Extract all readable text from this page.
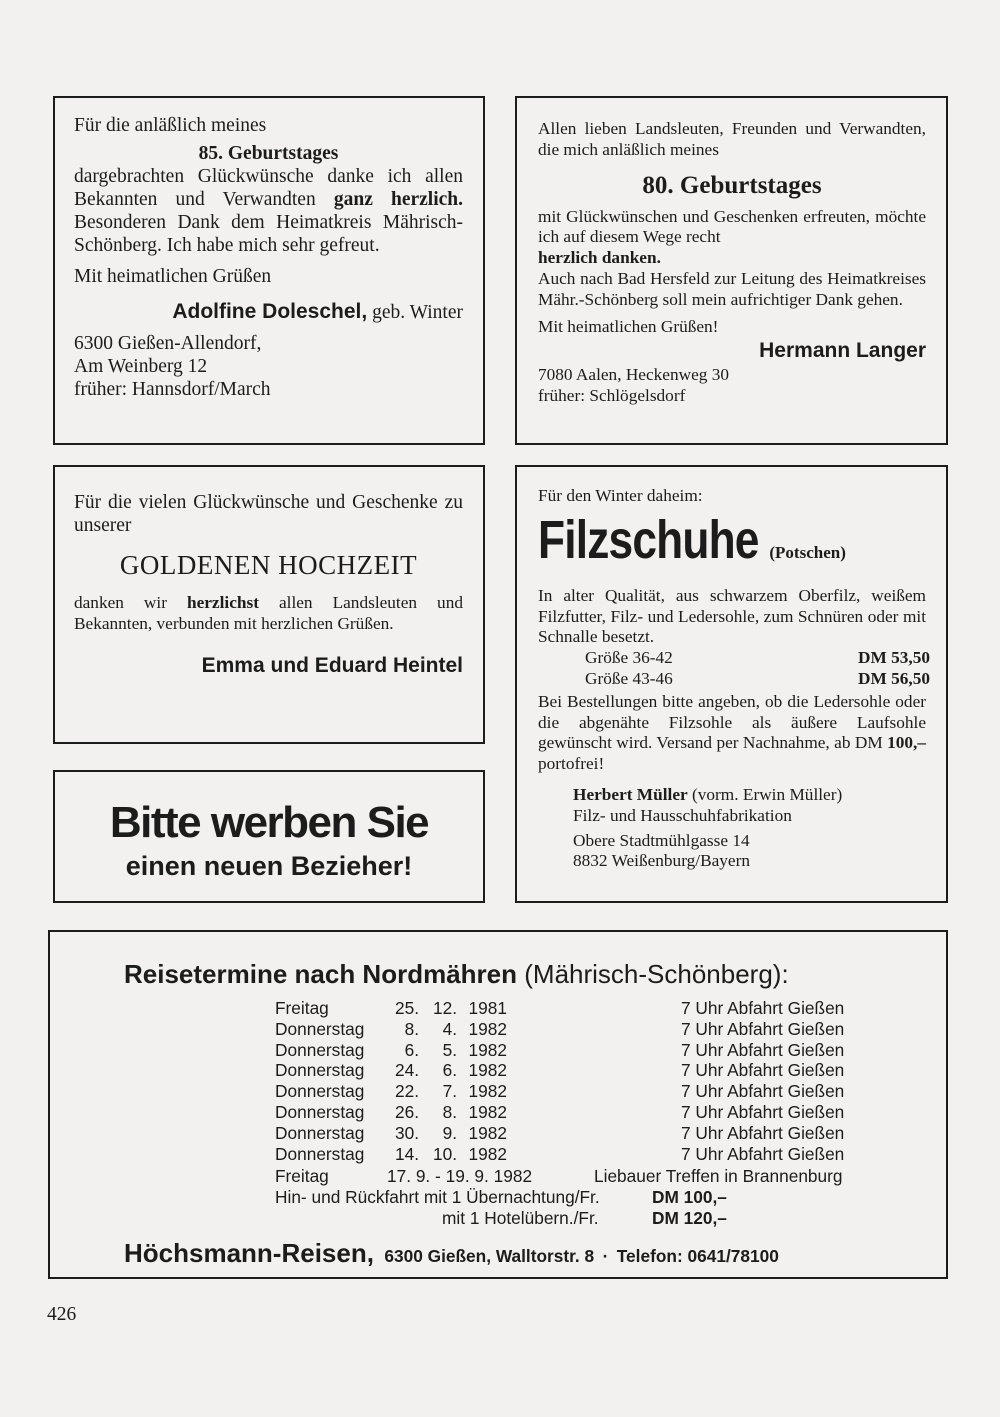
Für die anläßlich meines

85. Geburtstages

dargebrachten Glückwünsche danke ich allen Bekannten und Verwandten ganz herzlich. Besonderen Dank dem Heimatkreis Mährisch-Schönberg. Ich habe mich sehr gefreut.

Mit heimatlichen Grüßen

Adolfine Doleschel, geb. Winter

6300 Gießen-Allendorf,

Am Weinberg 12

früher: Hannsdorf/March

Allen lieben Landsleuten, Freunden und Verwandten, die mich anläßlich meines

80. Geburtstages

mit Glückwünschen und Geschenken erfreuten, möchte ich auf diesem Wege recht
herzlich danken.
Auch nach Bad Hersfeld zur Leitung des Heimatkreises Mähr.-Schönberg soll mein aufrichtiger Dank gehen.

Mit heimatlichen Grüßen!

Hermann Langer

7080 Aalen, Heckenweg 30

früher: Schlögelsdorf

Für die vielen Glückwünsche und Geschenke zu unserer

GOLDENEN HOCHZEIT

danken wir herzlichst allen Landsleuten und Bekannten, verbunden mit herzlichen Grüßen.

Emma und Eduard Heintel

Für den Winter daheim:

Filzschuhe (Potschen)

In alter Qualität, aus schwarzem Oberfilz, weißem Filzfutter, Filz- und Ledersohle, zum Schnüren oder mit Schnalle besetzt.

Größe 36-42	DM 53,50
Größe 43-46	DM 56,50

Bei Bestellungen bitte angeben, ob die Ledersohle oder die abgenähte Filzsohle als äußere Laufsohle gewünscht wird. Versand per Nachnahme, ab DM 100,– portofrei!

Herbert Müller (vorm. Erwin Müller)

Filz- und Hausschuhfabrikation

Obere Stadtmühlgasse 14

8832 Weißenburg/Bayern

Bitte werben Sie

einen neuen Bezieher!

Reisetermine nach Nordmähren (Mährisch-Schönberg):

Freitag	25.	12.	1981		7 Uhr Abfahrt Gießen
Donnerstag	8.	4.	1982		7 Uhr Abfahrt Gießen
Donnerstag	6.	5.	1982		7 Uhr Abfahrt Gießen
Donnerstag	24.	6.	1982		7 Uhr Abfahrt Gießen
Donnerstag	22.	7.	1982		7 Uhr Abfahrt Gießen
Donnerstag	26.	8.	1982		7 Uhr Abfahrt Gießen
Donnerstag	30.	9.	1982		7 Uhr Abfahrt Gießen
Donnerstag	14.	10.	1982		7 Uhr Abfahrt Gießen

Freitag	17. 9. - 19. 9. 1982	Liebauer Treffen in Brannenburg

Hin- und Rückfahrt mit 1 Übernachtung/Fr.	DM 100,–

mit 1 Hotelübern./Fr.	DM 120,–

Höchsmann-Reisen, 6300 Gießen, Walltorstr. 8 · Telefon: 0641/78100

426
